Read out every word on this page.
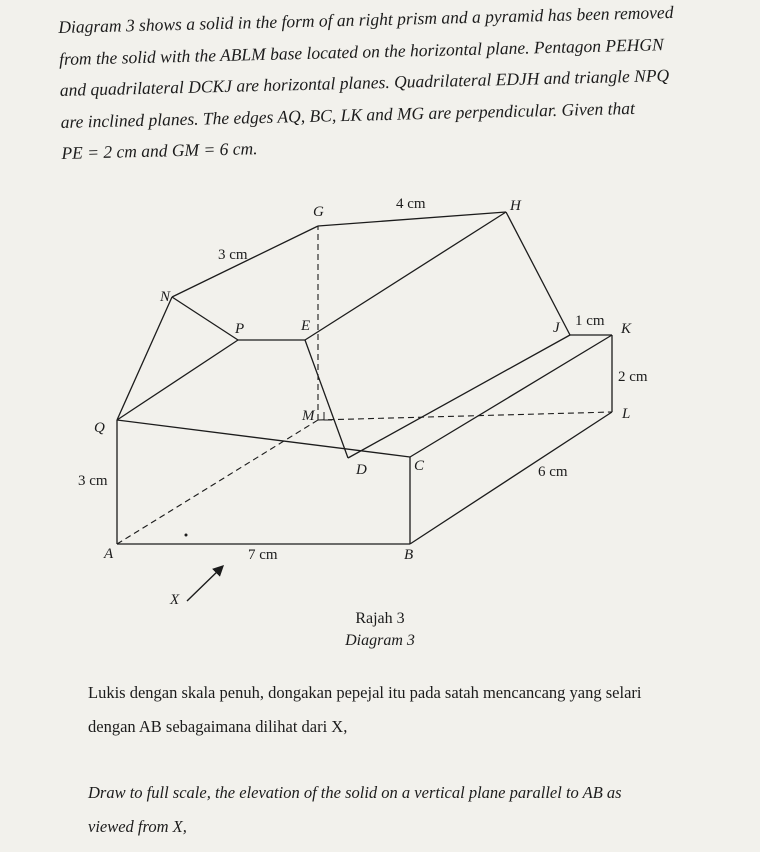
Diagram 3 shows a solid in the form of an right prism and a pyramid has been removed

from the solid with the ABLM base located on the horizontal plane. Pentagon PEHGN

and quadrilateral DCKJ are horizontal planes. Quadrilateral EDJH and triangle NPQ

are inclined planes. The edges AQ, BC, LK and MG are perpendicular. Given that

PE = 2 cm and GM = 6 cm.

G	H
N
P	E	J	K
Q
M	L
D	C
A	B
X
4 cm
3 cm
1 cm
2 cm
6 cm
3 cm
7 cm
Rajah 3
Diagram 3

Lukis dengan skala penuh, dongakan pepejal itu pada satah mencancang yang selari

dengan AB sebagaimana dilihat dari X,

Draw to full scale, the elevation of the solid on a vertical plane parallel to AB as

viewed from X,
